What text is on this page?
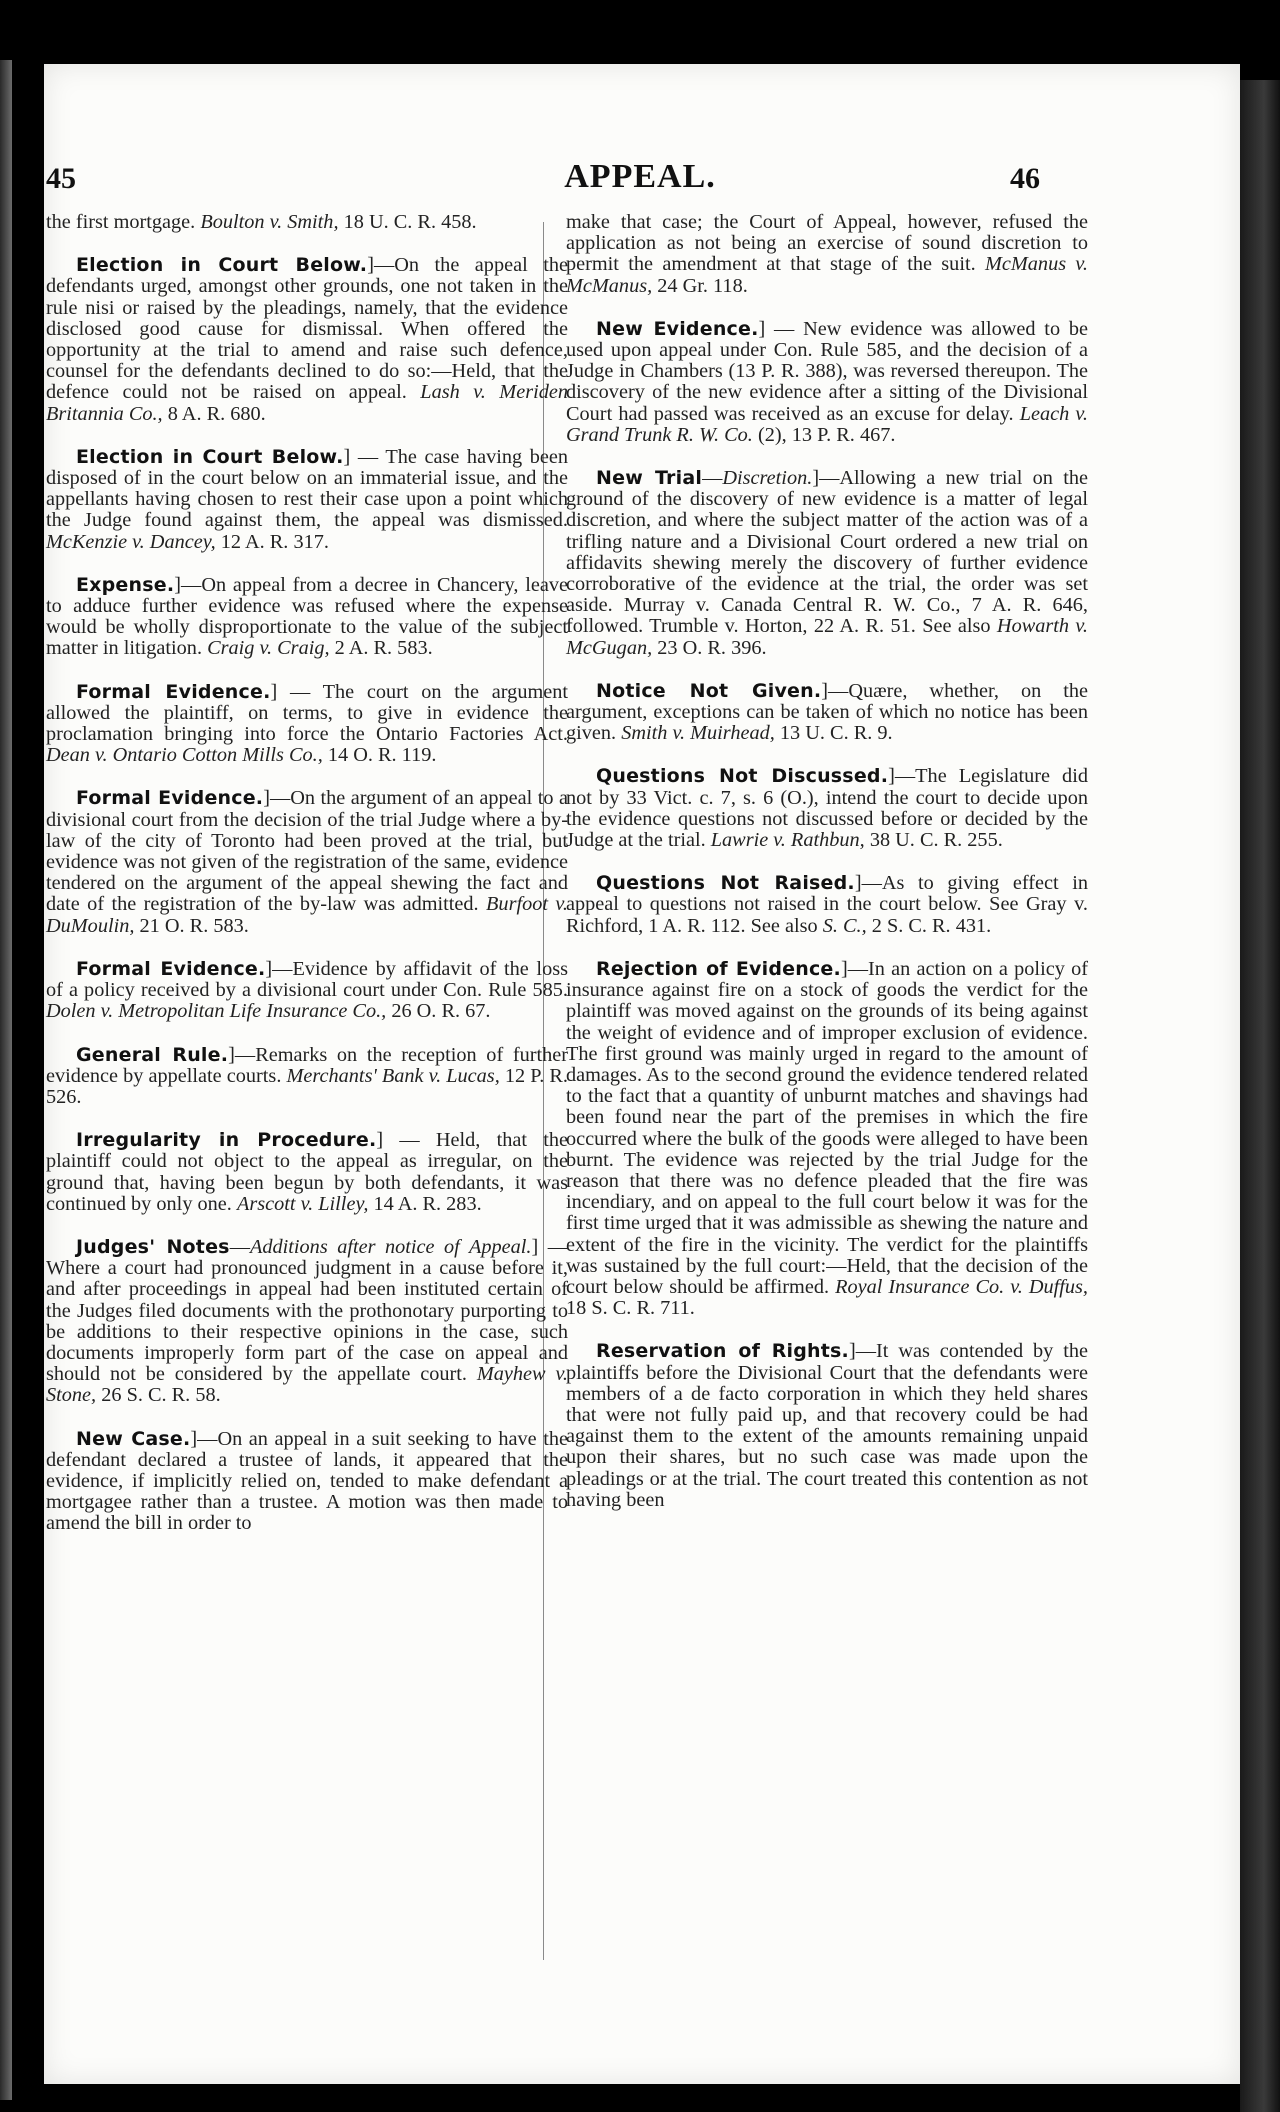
45	APPEAL.	46

the first mortgage. Boulton v. Smith, 18 U. C. R. 458.

Election in Court Below.]—On the appeal the defendants urged, amongst other grounds, one not taken in the rule nisi or raised by the pleadings, namely, that the evidence disclosed good cause for dismissal. When offered the opportunity at the trial to amend and raise such defence, counsel for the defendants declined to do so:—Held, that the defence could not be raised on appeal. Lash v. Meriden Britannia Co., 8 A. R. 680.

Election in Court Below.] — The case having been disposed of in the court below on an immaterial issue, and the appellants having chosen to rest their case upon a point which the Judge found against them, the appeal was dismissed. McKenzie v. Dancey, 12 A. R. 317.

Expense.]—On appeal from a decree in Chancery, leave to adduce further evidence was refused where the expense would be wholly disproportionate to the value of the subject matter in litigation. Craig v. Craig, 2 A. R. 583.

Formal Evidence.] — The court on the argument allowed the plaintiff, on terms, to give in evidence the proclamation bringing into force the Ontario Factories Act. Dean v. Ontario Cotton Mills Co., 14 O. R. 119.

Formal Evidence.]—On the argument of an appeal to a divisional court from the decision of the trial Judge where a by-law of the city of Toronto had been proved at the trial, but evidence was not given of the registration of the same, evidence tendered on the argument of the appeal shewing the fact and date of the registration of the by-law was admitted. Burfoot v. DuMoulin, 21 O. R. 583.

Formal Evidence.]—Evidence by affidavit of the loss of a policy received by a divisional court under Con. Rule 585. Dolen v. Metropolitan Life Insurance Co., 26 O. R. 67.

General Rule.]—Remarks on the reception of further evidence by appellate courts. Merchants' Bank v. Lucas, 12 P. R. 526.

Irregularity in Procedure.] — Held, that the plaintiff could not object to the appeal as irregular, on the ground that, having been begun by both defendants, it was continued by only one. Arscott v. Lilley, 14 A. R. 283.

Judges' Notes—Additions after notice of Appeal.] — Where a court had pronounced judgment in a cause before it, and after proceedings in appeal had been instituted certain of the Judges filed documents with the prothonotary purporting to be additions to their respective opinions in the case, such documents improperly form part of the case on appeal and should not be considered by the appellate court. Mayhew v. Stone, 26 S. C. R. 58.

New Case.]—On an appeal in a suit seeking to have the defendant declared a trustee of lands, it appeared that the evidence, if implicitly relied on, tended to make defendant a mortgagee rather than a trustee. A motion was then made to amend the bill in order to

make that case; the Court of Appeal, however, refused the application as not being an exercise of sound discretion to permit the amendment at that stage of the suit. McManus v. McManus, 24 Gr. 118.

New Evidence.] — New evidence was allowed to be used upon appeal under Con. Rule 585, and the decision of a Judge in Chambers (13 P. R. 388), was reversed thereupon. The discovery of the new evidence after a sitting of the Divisional Court had passed was received as an excuse for delay. Leach v. Grand Trunk R. W. Co. (2), 13 P. R. 467.

New Trial—Discretion.]—Allowing a new trial on the ground of the discovery of new evidence is a matter of legal discretion, and where the subject matter of the action was of a trifling nature and a Divisional Court ordered a new trial on affidavits shewing merely the discovery of further evidence corroborative of the evidence at the trial, the order was set aside. Murray v. Canada Central R. W. Co., 7 A. R. 646, followed. Trumble v. Horton, 22 A. R. 51. See also Howarth v. McGugan, 23 O. R. 396.

Notice Not Given.]—Quære, whether, on the argument, exceptions can be taken of which no notice has been given. Smith v. Muirhead, 13 U. C. R. 9.

Questions Not Discussed.]—The Legislature did not by 33 Vict. c. 7, s. 6 (O.), intend the court to decide upon the evidence questions not discussed before or decided by the Judge at the trial. Lawrie v. Rathbun, 38 U. C. R. 255.

Questions Not Raised.]—As to giving effect in appeal to questions not raised in the court below. See Gray v. Richford, 1 A. R. 112. See also S. C., 2 S. C. R. 431.

Rejection of Evidence.]—In an action on a policy of insurance against fire on a stock of goods the verdict for the plaintiff was moved against on the grounds of its being against the weight of evidence and of improper exclusion of evidence. The first ground was mainly urged in regard to the amount of damages. As to the second ground the evidence tendered related to the fact that a quantity of unburnt matches and shavings had been found near the part of the premises in which the fire occurred where the bulk of the goods were alleged to have been burnt. The evidence was rejected by the trial Judge for the reason that there was no defence pleaded that the fire was incendiary, and on appeal to the full court below it was for the first time urged that it was admissible as shewing the nature and extent of the fire in the vicinity. The verdict for the plaintiffs was sustained by the full court:—Held, that the decision of the court below should be affirmed. Royal Insurance Co. v. Duffus, 18 S. C. R. 711.

Reservation of Rights.]—It was contended by the plaintiffs before the Divisional Court that the defendants were members of a de facto corporation in which they held shares that were not fully paid up, and that recovery could be had against them to the extent of the amounts remaining unpaid upon their shares, but no such case was made upon the pleadings or at the trial. The court treated this contention as not having been
